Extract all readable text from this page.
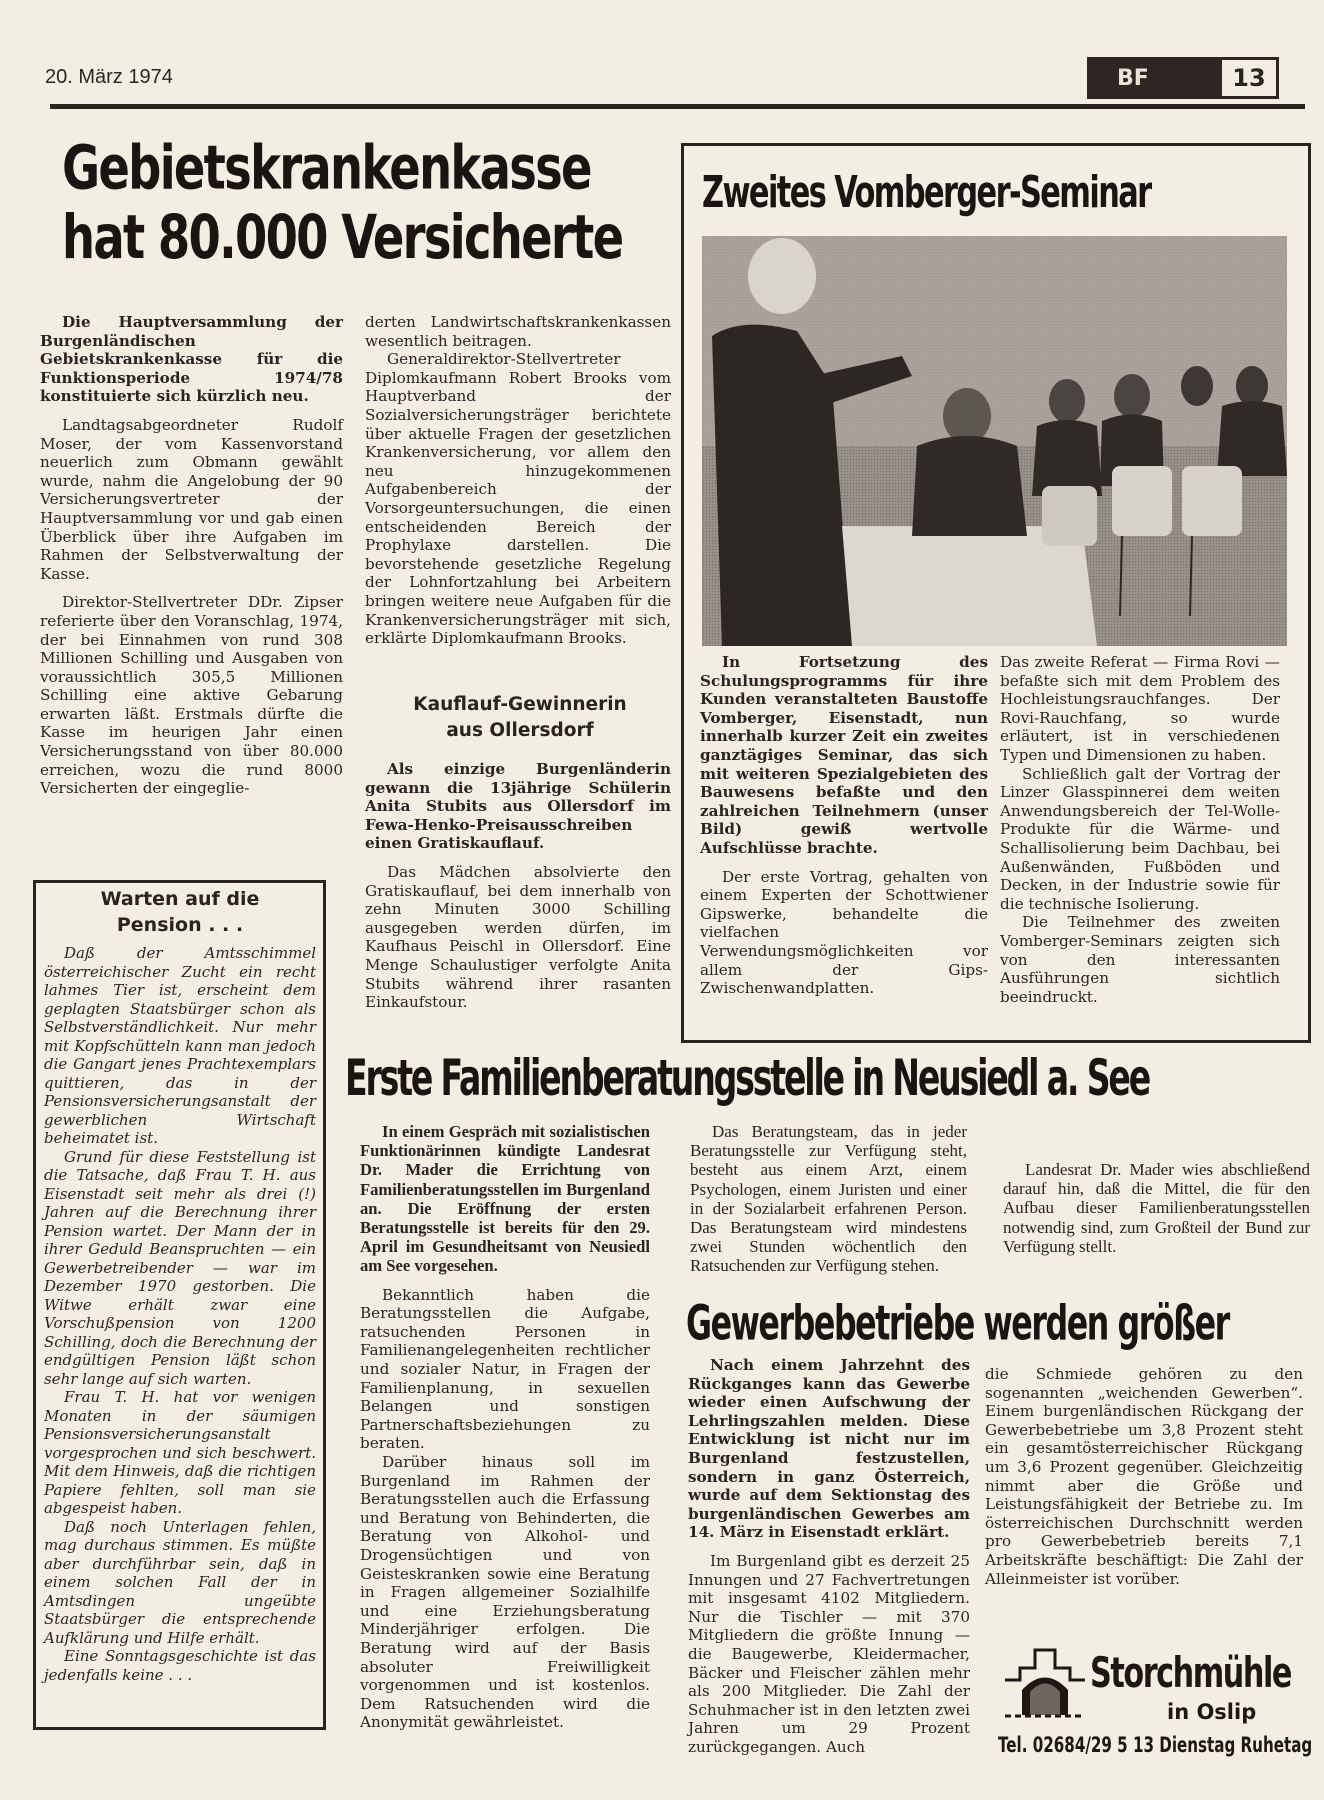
20. März 1974	BF	13
Gebietskrankenkasse
hat 80.000 Versicherte

Die Hauptversammlung der Burgenländischen Gebietskrankenkasse für die Funktionsperiode 1974/78 konstituierte sich kürzlich neu.

Landtagsabgeordneter Rudolf Moser, der vom Kassenvorstand neuerlich zum Obmann gewählt wurde, nahm die Angelobung der 90 Versicherungsvertreter der Hauptversammlung vor und gab einen Überblick über ihre Aufgaben im Rahmen der Selbstverwaltung der Kasse.

Direktor-Stellvertreter DDr. Zipser referierte über den Voranschlag, 1974, der bei Einnahmen von rund 308 Millionen Schilling und Ausgaben von voraussichtlich 305,5 Millionen Schilling eine aktive Gebarung erwarten läßt. Erstmals dürfte die Kasse im heurigen Jahr einen Versicherungsstand von über 80.000 erreichen, wozu die rund 8000 Versicherten der eingeglie-

derten Landwirtschaftskrankenkassen wesentlich beitragen.

Generaldirektor-Stellvertreter Diplomkaufmann Robert Brooks vom Hauptverband der Sozialversicherungsträger berichtete über aktuelle Fragen der gesetzlichen Krankenversicherung, vor allem den neu hinzugekommenen Aufgabenbereich der Vorsorgeuntersuchungen, die einen entscheidenden Bereich der Prophylaxe darstellen. Die bevorstehende gesetzliche Regelung der Lohnfortzahlung bei Arbeitern bringen weitere neue Aufgaben für die Krankenversicherungsträger mit sich, erklärte Diplomkaufmann Brooks.

Kauflauf-Gewinnerin
aus Ollersdorf

Als einzige Burgenländerin gewann die 13jährige Schülerin Anita Stubits aus Ollersdorf im Fewa-Henko-Preisausschreiben einen Gratiskauflauf.

Das Mädchen absolvierte den Gratiskauflauf, bei dem innerhalb von zehn Minuten 3000 Schilling ausgegeben werden dürfen, im Kaufhaus Peischl in Ollersdorf. Eine Menge Schaulustiger verfolgte Anita Stubits während ihrer rasanten Einkaufstour.

Zweites Vomberger-Seminar

In Fortsetzung des Schulungsprogramms für ihre Kunden veranstalteten Baustoffe Vomberger, Eisenstadt, nun innerhalb kurzer Zeit ein zweites ganztägiges Seminar, das sich mit weiteren Spezialgebieten des Bauwesens befaßte und den zahlreichen Teilnehmern (unser Bild) gewiß wertvolle Aufschlüsse brachte.

Der erste Vortrag, gehalten von einem Experten der Schottwiener Gipswerke, behandelte die vielfachen Verwendungsmöglichkeiten vor allem der Gips-Zwischenwandplatten.

Das zweite Referat — Firma Rovi — befaßte sich mit dem Problem des Hochleistungsrauchfanges. Der Rovi-Rauchfang, so wurde erläutert, ist in verschiedenen Typen und Dimensionen zu haben.

Schließlich galt der Vortrag der Linzer Glasspinnerei dem weiten Anwendungsbereich der Tel-Wolle-Produkte für die Wärme- und Schallisolierung beim Dachbau, bei Außenwänden, Fußböden und Decken, in der Industrie sowie für die technische Isolierung.

Die Teilnehmer des zweiten Vomberger-Seminars zeigten sich von den interessanten Ausführungen sichtlich beeindruckt.

Warten auf die
Pension . . .

Daß der Amtsschimmel österreichischer Zucht ein recht lahmes Tier ist, erscheint dem geplagten Staatsbürger schon als Selbstverständlichkeit. Nur mehr mit Kopfschütteln kann man jedoch die Gangart jenes Prachtexemplars quittieren, das in der Pensionsversicherungsanstalt der gewerblichen Wirtschaft beheimatet ist.

Grund für diese Feststellung ist die Tatsache, daß Frau T. H. aus Eisenstadt seit mehr als drei (!) Jahren auf die Berechnung ihrer Pension wartet. Der Mann der in ihrer Geduld Beanspruchten — ein Gewerbetreibender — war im Dezember 1970 gestorben. Die Witwe erhält zwar eine Vorschußpension von 1200 Schilling, doch die Berechnung der endgültigen Pension läßt schon sehr lange auf sich warten.

Frau T. H. hat vor wenigen Monaten in der säumigen Pensionsversicherungsanstalt vorgesprochen und sich beschwert. Mit dem Hinweis, daß die richtigen Papiere fehlten, soll man sie abgespeist haben.

Daß noch Unterlagen fehlen, mag durchaus stimmen. Es müßte aber durchführbar sein, daß in einem solchen Fall der in Amtsdingen ungeübte Staatsbürger die entsprechende Aufklärung und Hilfe erhält.

Eine Sonntagsgeschichte ist das jedenfalls keine . . .

Erste Familienberatungsstelle in Neusiedl a. See

In einem Gespräch mit sozialistischen Funktionärinnen kündigte Landesrat Dr. Mader die Errichtung von Familienberatungsstellen im Burgenland an. Die Eröffnung der ersten Beratungsstelle ist bereits für den 29. April im Gesundheitsamt von Neusiedl am See vorgesehen.

Bekanntlich haben die Beratungsstellen die Aufgabe, ratsuchenden Personen in Familienangelegenheiten rechtlicher und sozialer Natur, in Fragen der Familienplanung, in sexuellen Belangen und sonstigen Partnerschaftsbeziehungen zu beraten.

Darüber hinaus soll im Burgenland im Rahmen der Beratungsstellen auch die Erfassung und Beratung von Behinderten, die Beratung von Alkohol- und Drogensüchtigen und von Geisteskranken sowie eine Beratung in Fragen allgemeiner Sozialhilfe und eine Erziehungsberatung Minderjähriger erfolgen. Die Beratung wird auf der Basis absoluter Freiwilligkeit vorgenommen und ist kostenlos. Dem Ratsuchenden wird die Anonymität gewährleistet.

Das Beratungsteam, das in jeder Beratungsstelle zur Verfügung steht, besteht aus einem Arzt, einem Psychologen, einem Juristen und einer in der Sozialarbeit erfahrenen Person. Das Beratungsteam wird mindestens zwei Stunden wöchentlich den Ratsuchenden zur Verfügung stehen.

Landesrat Dr. Mader wies abschließend darauf hin, daß die Mittel, die für den Aufbau dieser Familienberatungsstellen notwendig sind, zum Großteil der Bund zur Verfügung stellt.

Gewerbebetriebe werden größer

Nach einem Jahrzehnt des Rückganges kann das Gewerbe wieder einen Aufschwung der Lehrlingszahlen melden. Diese Entwicklung ist nicht nur im Burgenland festzustellen, sondern in ganz Österreich, wurde auf dem Sektionstag des burgenländischen Gewerbes am 14. März in Eisenstadt erklärt.

Im Burgenland gibt es derzeit 25 Innungen und 27 Fachvertretungen mit insgesamt 4102 Mitgliedern. Nur die Tischler — mit 370 Mitgliedern die größte Innung — die Baugewerbe, Kleidermacher, Bäcker und Fleischer zählen mehr als 200 Mitglieder. Die Zahl der Schuhmacher ist in den letzten zwei Jahren um 29 Prozent zurückgegangen. Auch

die Schmiede gehören zu den sogenannten „weichenden Gewerben“. Einem burgenländischen Rückgang der Gewerbebetriebe um 3,8 Prozent steht ein gesamtösterreichischer Rückgang um 3,6 Prozent gegenüber. Gleichzeitig nimmt aber die Größe und Leistungsfähigkeit der Betriebe zu. Im österreichischen Durchschnitt werden pro Gewerbebetrieb bereits 7,1 Arbeitskräfte beschäftigt: Die Zahl der Alleinmeister ist vorüber.

Storchmühle
in Oslip
Tel. 02684/29 5 13 Dienstag Ruhetag
